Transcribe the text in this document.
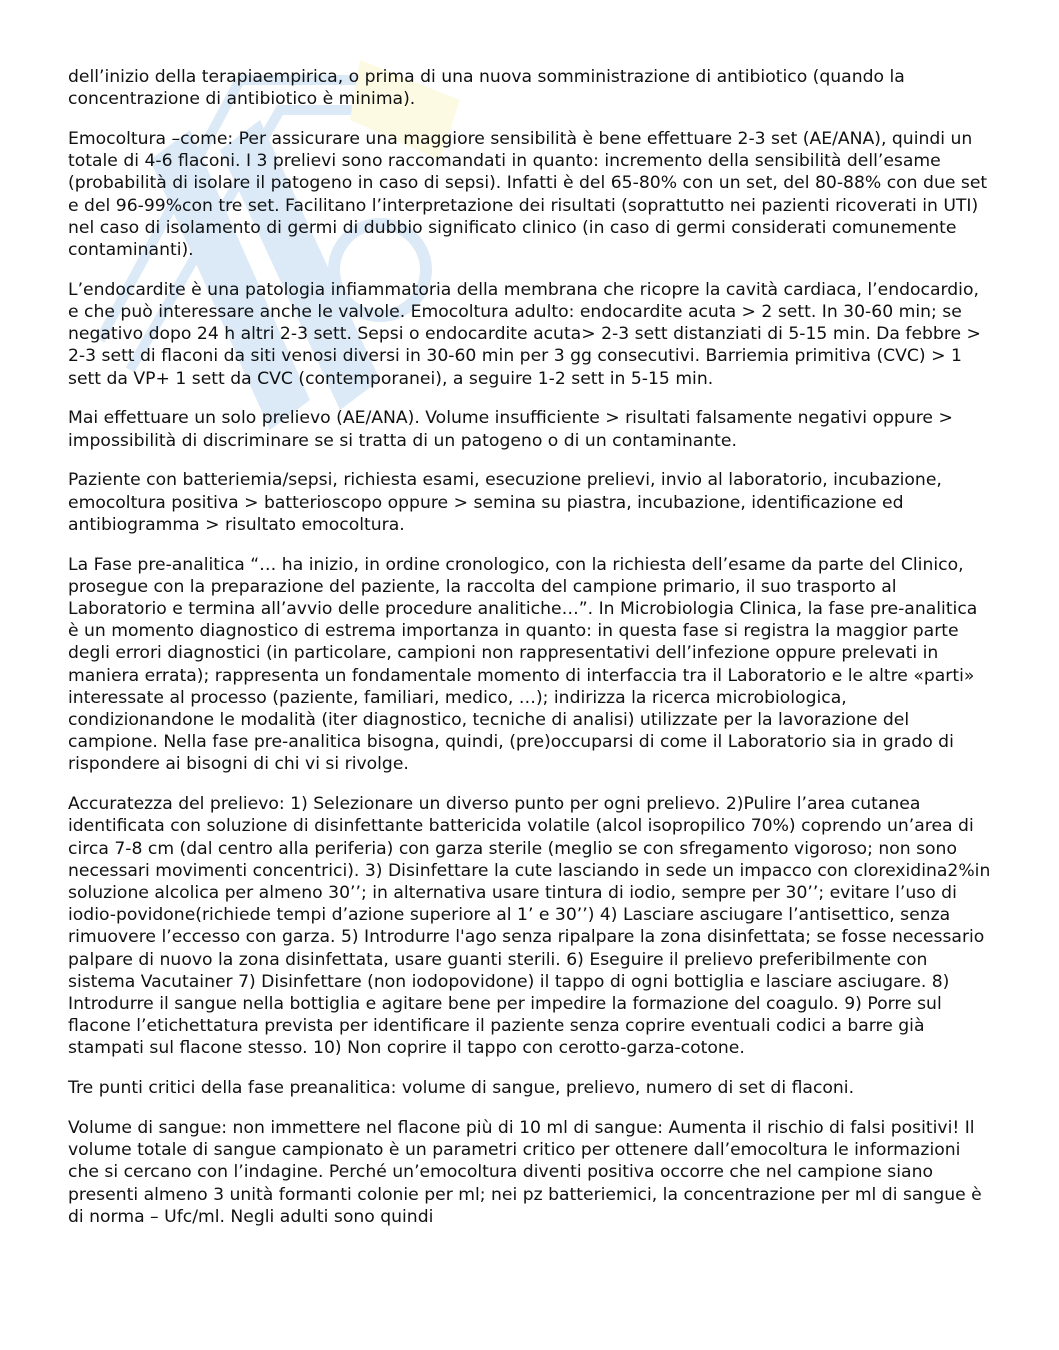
dell’inizio della terapiaempirica, o prima di una nuova somministrazione di antibiotico (quando la concentrazione di antibiotico è minima).

Emocoltura –come: Per assicurare una maggiore sensibilità è bene effettuare 2-3 set (AE/ANA), quindi un totale di 4-6 flaconi. I 3 prelievi sono raccomandati in quanto: incremento della sensibilità dell’esame (probabilità di isolare il patogeno in caso di sepsi). Infatti è del 65-80% con un set, del 80-88% con due set e del 96-99%con tre set. Facilitano l’interpretazione dei risultati (soprattutto nei pazienti ricoverati in UTI) nel caso di isolamento di germi di dubbio significato clinico (in caso di germi considerati comunemente contaminanti).

L’endocardite è una patologia infiammatoria della membrana che ricopre la cavità cardiaca, l’endocardio, e che può interessare anche le valvole. Emocoltura adulto: endocardite acuta > 2 sett. In 30-60 min; se negativo dopo 24 h altri 2-3 sett. Sepsi o endocardite acuta> 2-3 sett distanziati di 5-15 min. Da febbre > 2-3 sett di flaconi da siti venosi diversi in 30-60 min per 3 gg consecutivi. Barriemia primitiva (CVC) > 1 sett da VP+ 1 sett da CVC (contemporanei), a seguire 1-2 sett in 5-15 min.

Mai effettuare un solo prelievo (AE/ANA). Volume insufficiente > risultati falsamente negativi oppure > impossibilità di discriminare se si tratta di un patogeno o di un contaminante.

Paziente con batteriemia/sepsi, richiesta esami, esecuzione prelievi, invio al laboratorio, incubazione, emocoltura positiva > batterioscopo oppure > semina su piastra, incubazione, identificazione ed antibiogramma > risultato emocoltura.

La Fase pre-analitica “… ha inizio, in ordine cronologico, con la richiesta dell’esame da parte del Clinico, prosegue con la preparazione del paziente, la raccolta del campione primario, il suo trasporto al Laboratorio e termina all’avvio delle procedure analitiche…”. In Microbiologia Clinica, la fase pre-analitica è un momento diagnostico di estrema importanza in quanto: in questa fase si registra la maggior parte degli errori diagnostici (in particolare, campioni non rappresentativi dell’infezione oppure prelevati in maniera errata); rappresenta un fondamentale momento di interfaccia tra il Laboratorio e le altre «parti» interessate al processo (paziente, familiari, medico, …); indirizza la ricerca microbiologica, condizionandone le modalità (iter diagnostico, tecniche di analisi) utilizzate per la lavorazione del campione. Nella fase pre-analitica bisogna, quindi, (pre)occuparsi di come il Laboratorio sia in grado di rispondere ai bisogni di chi vi si rivolge.

Accuratezza del prelievo: 1) Selezionare un diverso punto per ogni prelievo. 2)Pulire l’area cutanea identificata con soluzione di disinfettante battericida volatile (alcol isopropilico 70%) coprendo un’area di circa 7-8 cm (dal centro alla periferia) con garza sterile (meglio se con sfregamento vigoroso; non sono necessari movimenti concentrici). 3) Disinfettare la cute lasciando in sede un impacco con clorexidina2%in soluzione alcolica per almeno 30’’; in alternativa usare tintura di iodio, sempre per 30’’; evitare l’uso di iodio-povidone(richiede tempi d’azione superiore al 1’ e 30’’) 4) Lasciare asciugare l’antisettico, senza rimuovere l’eccesso con garza. 5) Introdurre l'ago senza ripalpare la zona disinfettata; se fosse necessario palpare di nuovo la zona disinfettata, usare guanti sterili. 6) Eseguire il prelievo preferibilmente con sistema Vacutainer 7) Disinfettare (non iodopovidone) il tappo di ogni bottiglia e lasciare asciugare. 8) Introdurre il sangue nella bottiglia e agitare bene per impedire la formazione del coagulo. 9) Porre sul flacone l’etichettatura prevista per identificare il paziente senza coprire eventuali codici a barre già stampati sul flacone stesso. 10) Non coprire il tappo con cerotto-garza-cotone.

Tre punti critici della fase preanalitica: volume di sangue, prelievo, numero di set di flaconi.

Volume di sangue: non immettere nel flacone più di 10 ml di sangue: Aumenta il rischio di falsi positivi! Il volume totale di sangue campionato è un parametri critico per ottenere dall’emocoltura le informazioni che si cercano con l’indagine. Perché un’emocoltura diventi positiva occorre che nel campione siano presenti almeno 3 unità formanti colonie per ml; nei pz batteriemici, la concentrazione per ml di sangue è di norma – Ufc/ml. Negli adulti sono quindi
